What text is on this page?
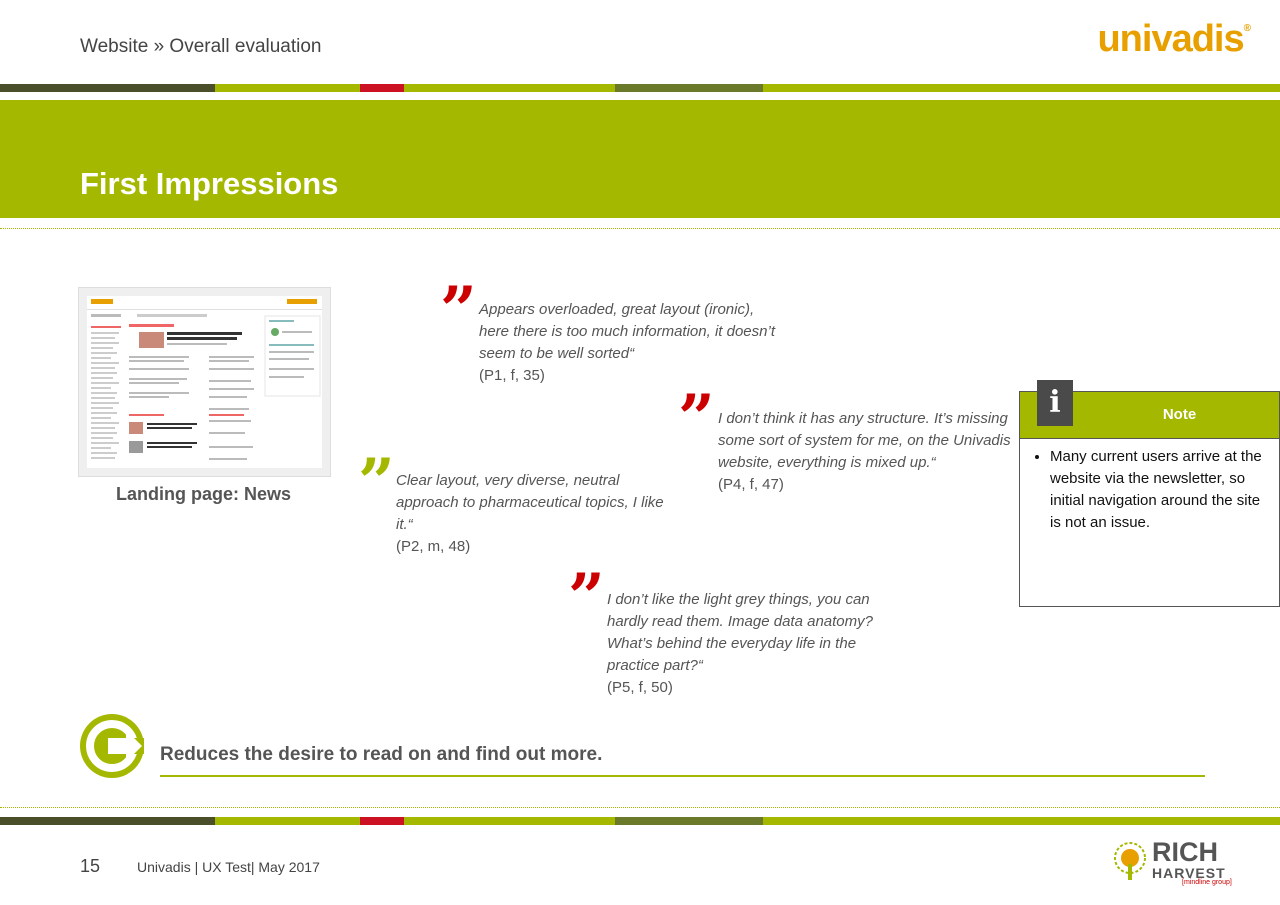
Website » Overall evaluation	univadis®
First Impressions
Landing page: News
” Appears overloaded, great layout (ironic), here there is too much information, it doesn’t seem to be well sorted“
(P1, f, 35)
” Clear layout, very diverse, neutral approach to pharmaceutical topics, I like it.“
(P2, m, 48)
” I don’t think it has any structure. It’s missing some sort of system for me, on the Univadis website, everything is mixed up.“
(P4, f, 47)
” I don’t like the light grey things, you can hardly read them. Image data anatomy? What’s behind the everyday life in the practice part?“
(P5, f, 50)
i	Note
• Many current users arrive at the website via the newsletter, so initial navigation around the site is not an issue.
Reduces the desire to read on and find out more.
15	Univadis | UX Test| May 2017	RICH
HARVEST
[mindline group]
